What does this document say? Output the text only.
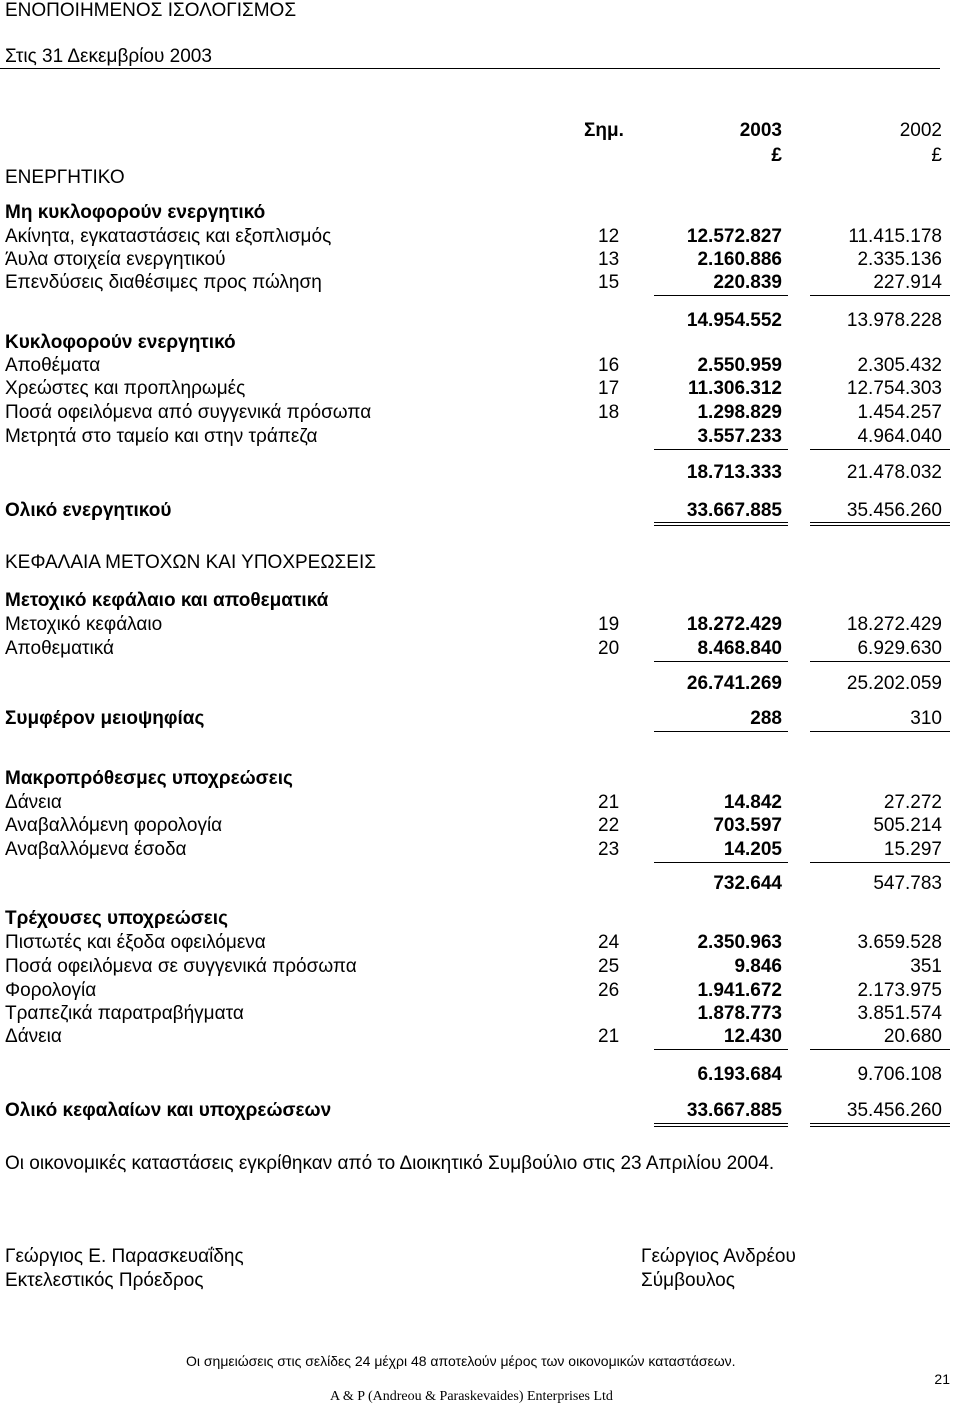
ΕΝΟΠΟΙΗΜΕΝΟΣ ΙΣΟΛΟΓΙΣΜΟΣ
Στις 31 Δεκεμβρίου 2003
Σημ.	2003	2002
£	£
ΕΝΕΡΓΗΤΙΚΟ
Μη κυκλοφορούν ενεργητικό
Ακίνητα, εγκαταστάσεις και εξοπλισμός	12	12.572.827	11.415.178
Άυλα στοιχεία ενεργητικού	13	2.160.886	2.335.136
Επενδύσεις διαθέσιμες προς πώληση	15	220.839	227.914
14.954.552	13.978.228
Κυκλοφορούν ενεργητικό
Αποθέματα	16	2.550.959	2.305.432
Χρεώστες και προπληρωμές	17	11.306.312	12.754.303
Ποσά οφειλόμενα από συγγενικά πρόσωπα	18	1.298.829	1.454.257
Μετρητά στο ταμείο και στην τράπεζα	3.557.233	4.964.040
18.713.333	21.478.032
Ολικό ενεργητικού	33.667.885	35.456.260
ΚΕΦΑΛΑΙΑ ΜΕΤΟΧΩΝ ΚΑΙ ΥΠΟΧΡΕΩΣΕΙΣ
Μετοχικό κεφάλαιο και αποθεματικά
Μετοχικό κεφάλαιο	19	18.272.429	18.272.429
Αποθεματικά	20	8.468.840	6.929.630
26.741.269	25.202.059
Συμφέρον μειοψηφίας	288	310
Μακροπρόθεσμες υποχρεώσεις
Δάνεια	21	14.842	27.272
Αναβαλλόμενη φορολογία	22	703.597	505.214
Αναβαλλόμενα έσοδα	23	14.205	15.297
732.644	547.783
Τρέχουσες υποχρεώσεις
Πιστωτές και έξοδα οφειλόμενα	24	2.350.963	3.659.528
Ποσά οφειλόμενα σε συγγενικά πρόσωπα	25	9.846	351
Φορολογία	26	1.941.672	2.173.975
Τραπεζικά παρατραβήγματα	1.878.773	3.851.574
Δάνεια	21	12.430	20.680
6.193.684	9.706.108
Ολικό κεφαλαίων και υποχρεώσεων	33.667.885	35.456.260
Οι οικονομικές καταστάσεις εγκρίθηκαν από το Διοικητικό Συμβούλιο στις 23 Απριλίου 2004.
Γεώργιος Ε. Παρασκευαΐδης
Εκτελεστικός Πρόεδρος
Γεώργιος Ανδρέου
Σύμβουλος
Οι σημειώσεις στις σελίδες 24 μέχρι 48 αποτελούν μέρος των οικονομικών καταστάσεων.
21
A & P (Andreou & Paraskevaides) Enterprises Ltd
